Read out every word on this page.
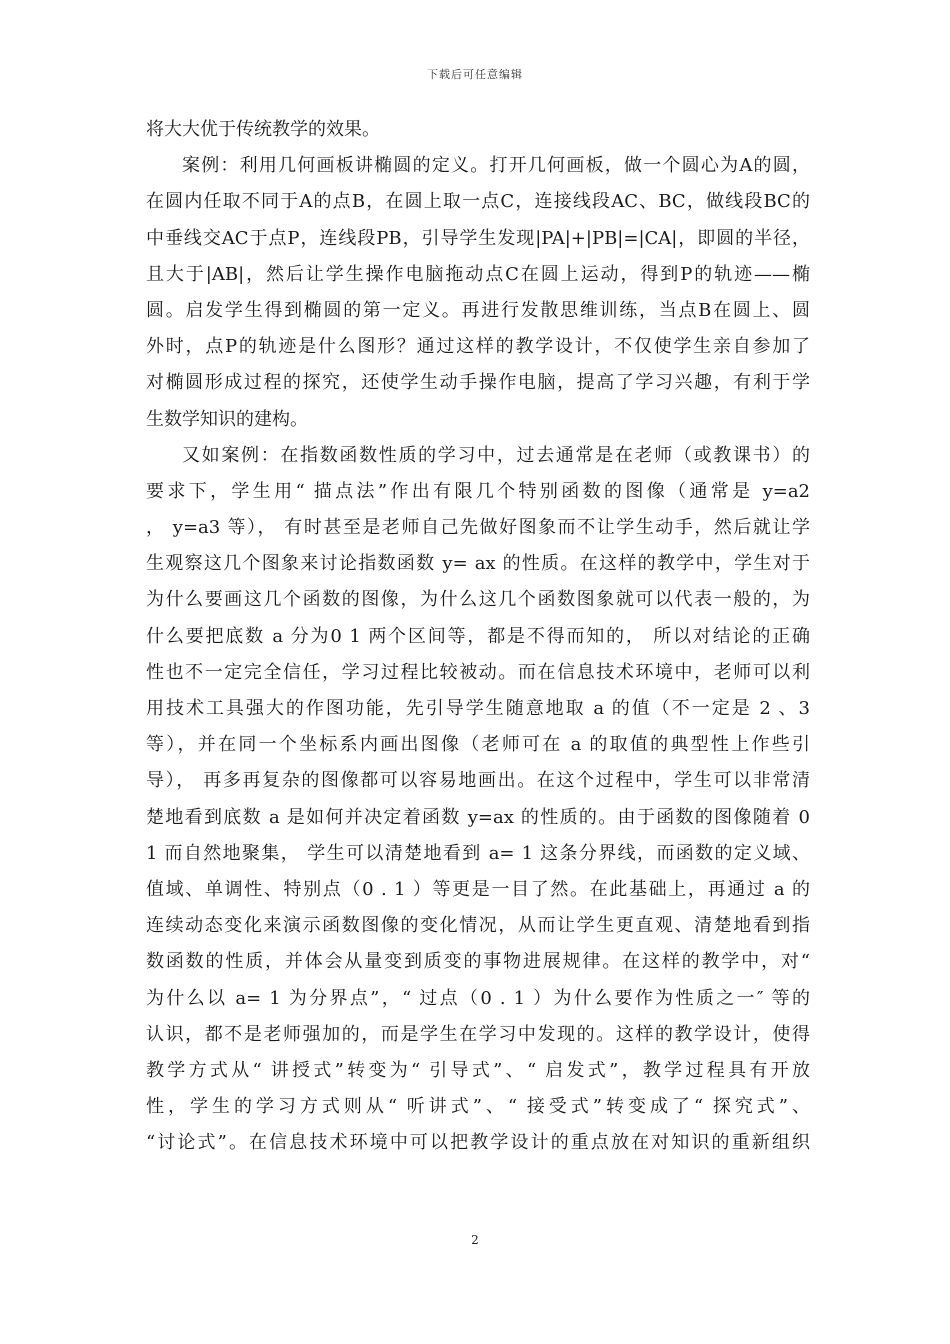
下载后可任意编辑
将大大优于传统教学的效果。
案例：利用几何画板讲椭圆的定义。打开几何画板，做一个圆心为A的圆，
在圆内任取不同于A的点B，在圆上取一点C，连接线段AC、BC，做线段BC的
中垂线交AC于点P，连线段PB，引导学生发现|PA|+|PB|=|CA|，即圆的半径，
且大于|AB|，然后让学生操作电脑拖动点C在圆上运动，得到P的轨迹——椭
圆。启发学生得到椭圆的第一定义。再进行发散思维训练，当点B在圆上、圆
外时，点P的轨迹是什么图形？通过这样的教学设计，不仅使学生亲自参加了
对椭圆形成过程的探究，还使学生动手操作电脑，提高了学习兴趣，有利于学
生数学知识的建构。
又如案例：在指数函数性质的学习中，过去通常是在老师（或教课书）的
要求下，学生用“ 描点法”作出有限几个特别函数的图像（通常是 y=a2
， y=a3 等）， 有时甚至是老师自己先做好图象而不让学生动手，然后就让学
生观察这几个图象来讨论指数函数 y= ax 的性质。在这样的教学中，学生对于
为什么要画这几个函数的图像，为什么这几个函数图象就可以代表一般的，为
什么要把底数 a 分为0 1 两个区间等，都是不得而知的， 所以对结论的正确
性也不一定完全信任，学习过程比较被动。而在信息技术环境中，老师可以利
用技术工具强大的作图功能，先引导学生随意地取 a 的值（不一定是 2 、3
等），并在同一个坐标系内画出图像（老师可在 a 的取值的典型性上作些引
导）， 再多再复杂的图像都可以容易地画出。在这个过程中，学生可以非常清
楚地看到底数 a 是如何并决定着函数 y=ax 的性质的。由于函数的图像随着 0
1 而自然地聚集， 学生可以清楚地看到 a= 1 这条分界线，而函数的定义域、
值域、单调性、特别点（0 . 1 ）等更是一目了然。在此基础上，再通过 a 的
连续动态变化来演示函数图像的变化情况，从而让学生更直观、清楚地看到指
数函数的性质，并体会从量变到质变的事物进展规律。在这样的教学中，对“
为什么以 a= 1 为分界点”，“ 过点（0 . 1 ）为什么要作为性质之一″ 等的
认识，都不是老师强加的，而是学生在学习中发现的。这样的教学设计，使得
教学方式从“ 讲授式”转变为“ 引导式”、“ 启发式”，教学过程具有开放
性，学生的学习方式则从“ 听讲式”、“ 接受式”转变成了“ 探究式”、
“讨论式”。在信息技术环境中可以把教学设计的重点放在对知识的重新组织
2
